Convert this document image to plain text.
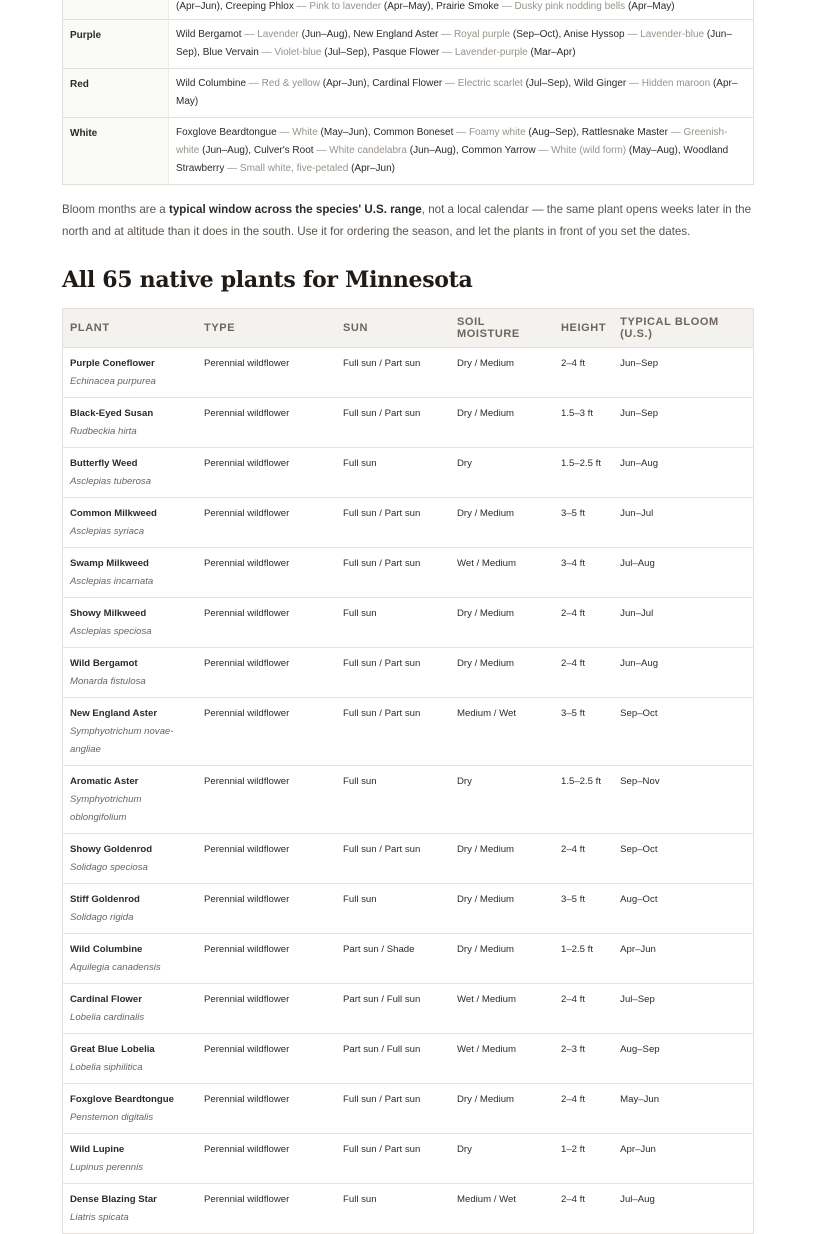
	(Apr–Jun), Creeping Phlox — Pink to lavender (Apr–May), Prairie Smoke — Dusky pink nodding bells (Apr–May)
Purple	Wild Bergamot — Lavender (Jun–Aug), New England Aster — Royal purple (Sep–Oct), Anise Hyssop — Lavender-blue (Jun–Sep), Blue Vervain — Violet-blue (Jul–Sep), Pasque Flower — Lavender-purple (Mar–Apr)
Red	Wild Columbine — Red & yellow (Apr–Jun), Cardinal Flower — Electric scarlet (Jul–Sep), Wild Ginger — Hidden maroon (Apr–May)
White	Foxglove Beardtongue — White (May–Jun), Common Boneset — Foamy white (Aug–Sep), Rattlesnake Master — Greenish-white (Jun–Aug), Culver's Root — White candelabra (Jun–Aug), Common Yarrow — White (wild form) (May–Aug), Woodland Strawberry — Small white, five-petaled (Apr–Jun)

Bloom months are a typical window across the species' U.S. range, not a local calendar — the same plant opens weeks later in the north and at altitude than it does in the south. Use it for ordering the season, and let the plants in front of you set the dates.

All 65 native plants for Minnesota
PLANT	TYPE	SUN	SOIL MOISTURE	HEIGHT	TYPICAL BLOOM (U.S.)

Purple Coneflower
Echinacea purpurea	Perennial wildflower	Full sun / Part sun	Dry / Medium	2–4 ft	Jun–Sep

Black-Eyed Susan
Rudbeckia hirta	Perennial wildflower	Full sun / Part sun	Dry / Medium	1.5–3 ft	Jun–Sep

Butterfly Weed
Asclepias tuberosa	Perennial wildflower	Full sun	Dry	1.5–2.5 ft	Jun–Aug

Common Milkweed
Asclepias syriaca	Perennial wildflower	Full sun / Part sun	Dry / Medium	3–5 ft	Jun–Jul

Swamp Milkweed
Asclepias incarnata	Perennial wildflower	Full sun / Part sun	Wet / Medium	3–4 ft	Jul–Aug

Showy Milkweed
Asclepias speciosa	Perennial wildflower	Full sun	Dry / Medium	2–4 ft	Jun–Jul

Wild Bergamot
Monarda fistulosa	Perennial wildflower	Full sun / Part sun	Dry / Medium	2–4 ft	Jun–Aug

New England Aster
Symphyotrichum novae-angliae	Perennial wildflower	Full sun / Part sun	Medium / Wet	3–5 ft	Sep–Oct

Aromatic Aster
Symphyotrichum oblongifolium	Perennial wildflower	Full sun	Dry	1.5–2.5 ft	Sep–Nov

Showy Goldenrod
Solidago speciosa	Perennial wildflower	Full sun / Part sun	Dry / Medium	2–4 ft	Sep–Oct

Stiff Goldenrod
Solidago rigida	Perennial wildflower	Full sun	Dry / Medium	3–5 ft	Aug–Oct

Wild Columbine
Aquilegia canadensis	Perennial wildflower	Part sun / Shade	Dry / Medium	1–2.5 ft	Apr–Jun

Cardinal Flower
Lobelia cardinalis	Perennial wildflower	Part sun / Full sun	Wet / Medium	2–4 ft	Jul–Sep

Great Blue Lobelia
Lobelia siphilitica	Perennial wildflower	Part sun / Full sun	Wet / Medium	2–3 ft	Aug–Sep

Foxglove Beardtongue
Penstemon digitalis	Perennial wildflower	Full sun / Part sun	Dry / Medium	2–4 ft	May–Jun

Wild Lupine
Lupinus perennis	Perennial wildflower	Full sun / Part sun	Dry	1–2 ft	Apr–Jun

Dense Blazing Star
Liatris spicata	Perennial wildflower	Full sun	Medium / Wet	2–4 ft	Jul–Aug
